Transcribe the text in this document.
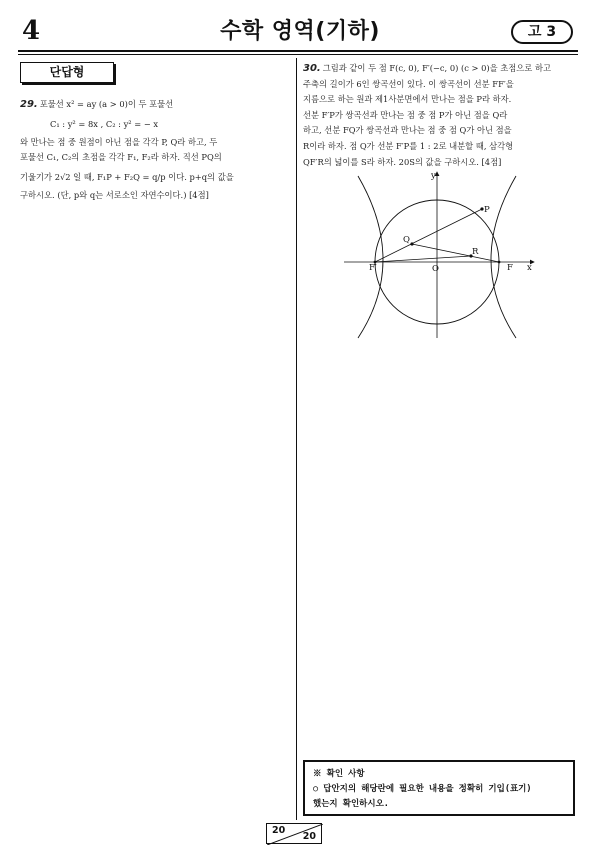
4	수학 영역(기하)	고 3
단답형
29. 포물선 x² = ay (a > 0)이 두 포물선
C₁ : y² = 8x , C₂ : y² = − x
와 만나는 점 중 원점이 아닌 점을 각각 P, Q라 하고, 두
포물선 C₁, C₂의 초점을 각각 F₁, F₂라 하자. 직선 PQ의
기울기가 2√2 일 때, F₁P + F₂Q = q/p 이다. p+q의 값을
구하시오. (단, p와 q는 서로소인 자연수이다.) [4점]
30. 그림과 같이 두 점 F(c, 0), F′(−c, 0) (c > 0)을 초점으로 하고
주축의 길이가 6인 쌍곡선이 있다. 이 쌍곡선이 선분 FF′을
지름으로 하는 원과 제1사분면에서 만나는 점을 P라 하자.
선분 F′P가 쌍곡선과 만나는 점 중 점 P가 아닌 점을 Q라
하고, 선분 FQ가 쌍곡선과 만나는 점 중 점 Q가 아닌 점을
R이라 하자. 점 Q가 선분 F′P를 1 : 2로 내분할 때, 삼각형
QF′R의 넓이를 S라 하자. 20S의 값을 구하시오. [4점]
y
x
P
Q
R
F
F′	O
※ 확인 사항
○ 답안지의 해당란에 필요한 내용을 정확히 기입(표기)
했는지 확인하시오.
20
20
